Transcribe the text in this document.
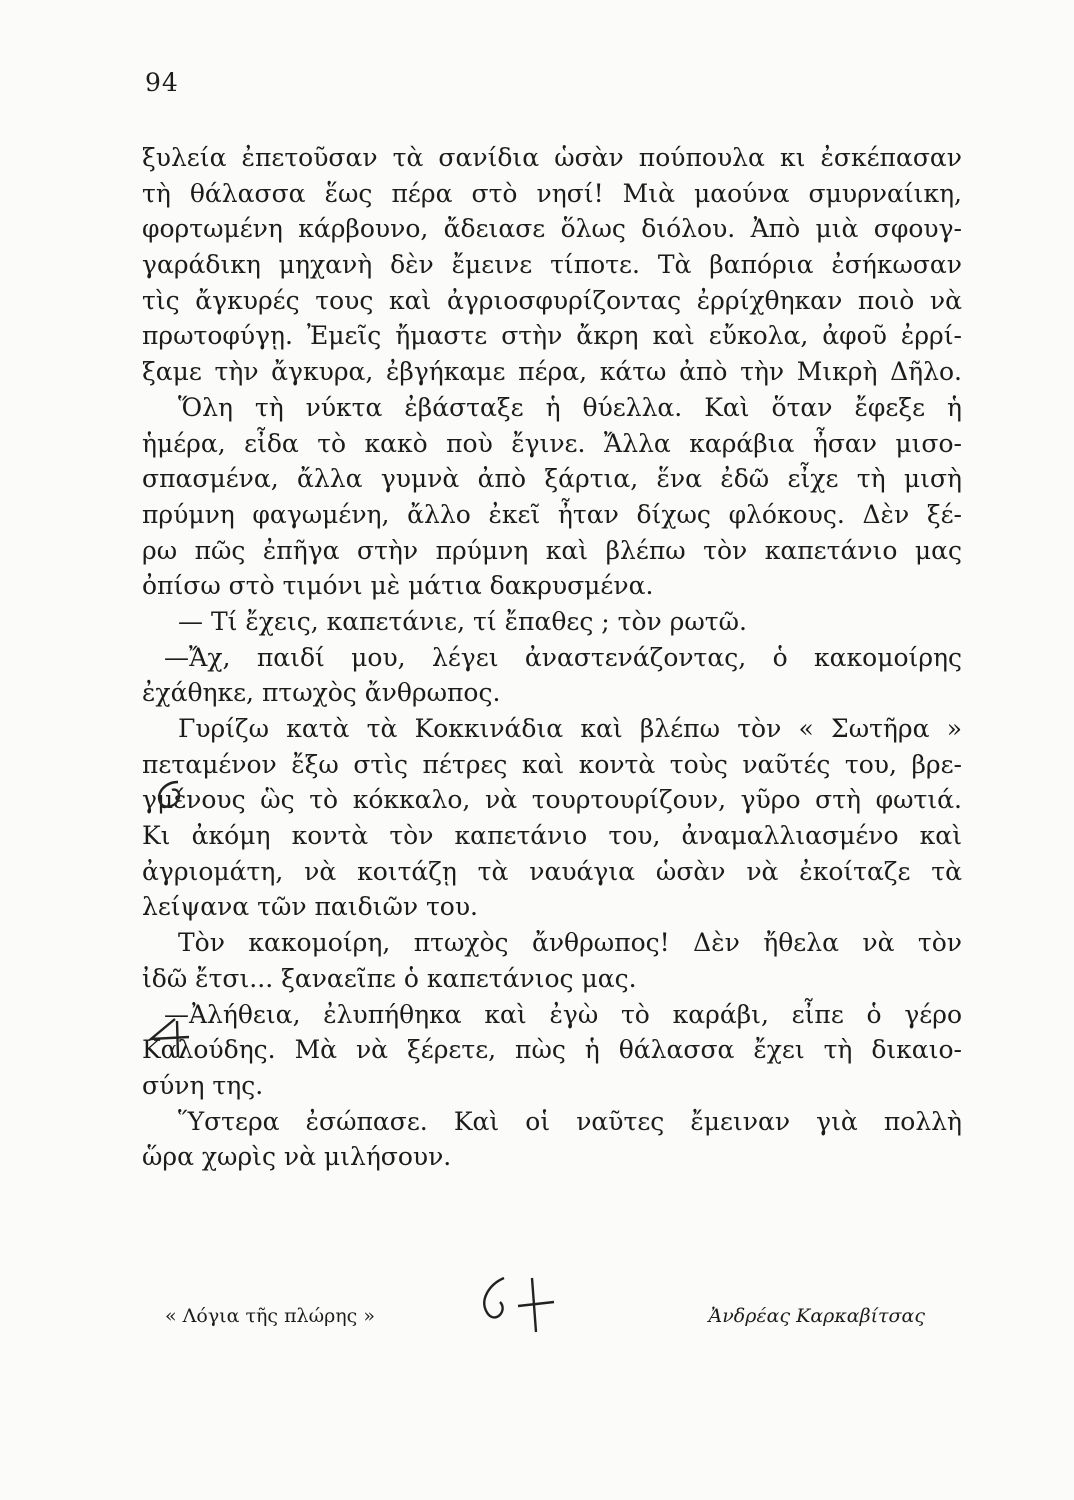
94
ξυλεία ἐπετοῦσαν τὰ σανίδια ὡσὰν πούπουλα κι ἐσκέπασαν
τὴ θάλασσα ἕως πέρα στὸ νησί! Μιὰ μαούνα σμυρναίικη,
φορτωμένη κάρβουνο, ἄδειασε ὅλως διόλου. Ἀπὸ μιὰ σφουγ-
γαράδικη μηχανὴ δὲν ἔμεινε τίποτε. Τὰ βαπόρια ἐσήκωσαν
τὶς ἄγκυρές τους καὶ ἀγριοσφυρίζοντας ἐρρίχθηκαν ποιὸ νὰ
πρωτοφύγῃ. Ἐμεῖς ἤμαστε στὴν ἄκρη καὶ εὔκολα, ἀφοῦ ἐρρί-
ξαμε τὴν ἄγκυρα, ἐβγήκαμε πέρα, κάτω ἀπὸ τὴν Μικρὴ Δῆλο.
Ὅλη τὴ νύκτα ἐβάσταξε ἡ θύελλα. Καὶ ὅταν ἔφεξε ἡ
ἡμέρα, εἶδα τὸ κακὸ ποὺ ἔγινε. Ἄλλα καράβια ἦσαν μισο-
σπασμένα, ἄλλα γυμνὰ ἀπὸ ξάρτια, ἕνα ἐδῶ εἶχε τὴ μισὴ
πρύμνη φαγωμένη, ἄλλο ἐκεῖ ἦταν δίχως φλόκους. Δὲν ξέ-
ρω πῶς ἐπῆγα στὴν πρύμνη καὶ βλέπω τὸν καπετάνιο μας
ὀπίσω στὸ τιμόνι μὲ μάτια δακρυσμένα.
— Τί ἔχεις, καπετάνιε, τί ἔπαθες ; τὸν ρωτῶ.
—Ἄχ, παιδί μου, λέγει ἀναστενάζοντας, ὁ κακομοίρης
ἐχάθηκε, πτωχὸς ἄνθρωπος.
Γυρίζω κατὰ τὰ Κοκκινάδια καὶ βλέπω τὸν « Σωτῆρα »
πεταμένον ἔξω στὶς πέτρες καὶ κοντὰ τοὺς ναῦτές του, βρε-
γμένους ὣς τὸ κόκκαλο, νὰ τουρτουρίζουν, γῦρο στὴ φωτιά.
Κι ἀκόμη κοντὰ τὸν καπετάνιο του, ἀναμαλλιασμένο καὶ
ἀγριομάτη, νὰ κοιτάζῃ τὰ ναυάγια ὡσὰν νὰ ἐκοίταζε τὰ
λείψανα τῶν παιδιῶν του.
Τὸν κακομοίρη, πτωχὸς ἄνθρωπος! Δὲν ἤθελα νὰ τὸν
ἰδῶ ἔτσι... ξαναεῖπε ὁ καπετάνιος μας.
—Ἀλήθεια, ἐλυπήθηκα καὶ ἐγὼ τὸ καράβι, εἶπε ὁ γέρο
Καλούδης. Μὰ νὰ ξέρετε, πὼς ἡ θάλασσα ἔχει τὴ δικαιο-
σύνη της.
Ὕστερα ἐσώπασε. Καὶ οἱ ναῦτες ἔμειναν γιὰ πολλὴ
ὥρα χωρὶς νὰ μιλήσουν.
« Λόγια τῆς πλώρης »	Ἀνδρέας Καρκαβίτσας
